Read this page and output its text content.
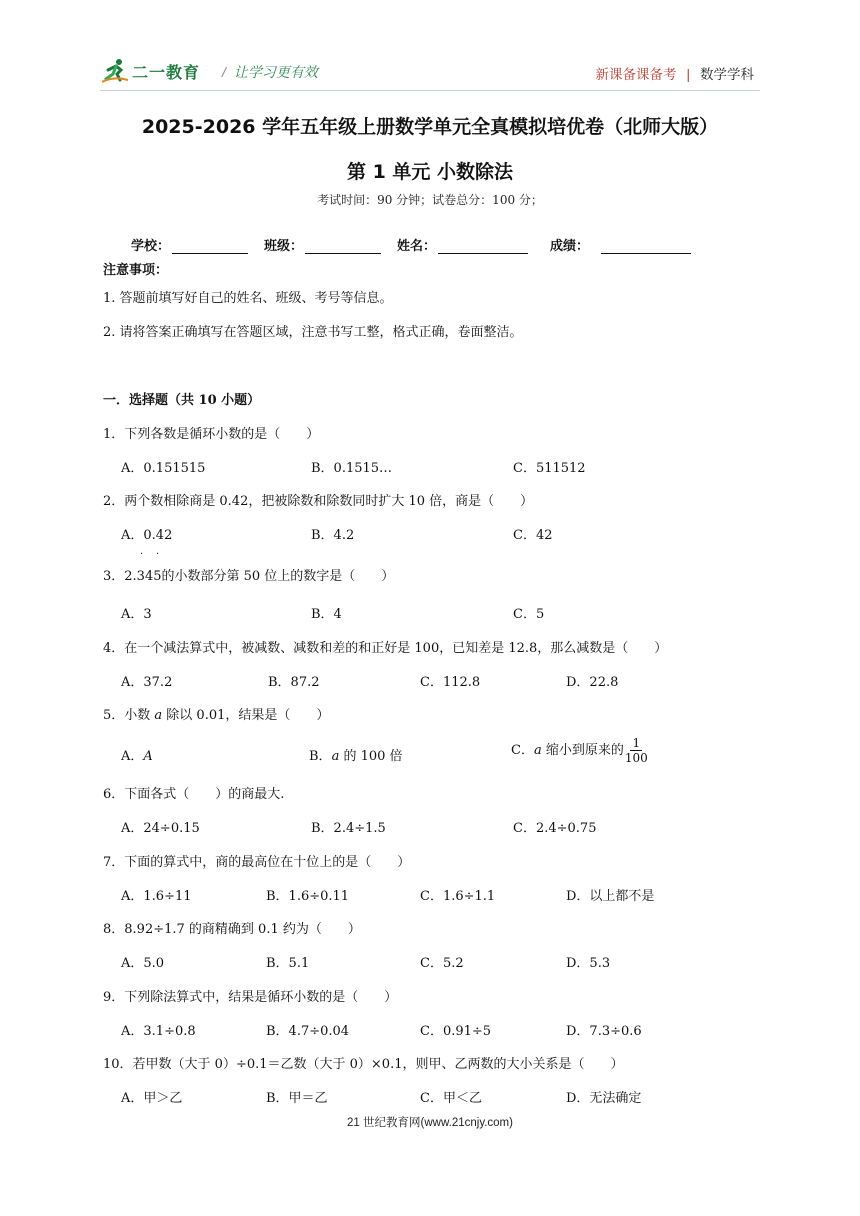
二一教育 / 让学习更有效	新课备课备考 | 数学学科
2025-2026 学年五年级上册数学单元全真模拟培优卷（北师大版）
第 1 单元 小数除法
考试时间：90 分钟；试卷总分：100 分；
学校：	班级：	姓名：	成绩：
注意事项：
1. 答题前填写好自己的姓名、班级、考号等信息。
2. 请将答案正确填写在答题区域，注意书写工整，格式正确，卷面整洁。
一．选择题（共 10 小题）
1．下列各数是循环小数的是（　　）
A．0.151515	B．0.1515…	C．511512
2．两个数相除商是 0.42，把被除数和除数同时扩大 10 倍，商是（　　）
A．0.42	B．4.2	C．42
· ·
3．2.345的小数部分第 50 位上的数字是（　　）
A．3	B．4	C．5
4．在一个减法算式中，被减数、减数和差的和正好是 100，已知差是 12.8，那么减数是（　　）
A．37.2	B．87.2	C．112.8	D．22.8
5．小数 a 除以 0.01，结果是（　　）
A．A	B．a 的 100 倍	C．a 缩小到原来的 $\frac{1}{100}$
6．下面各式（　　）的商最大.
A．24÷0.15	B．2.4÷1.5	C．2.4÷0.75
7．下面的算式中，商的最高位在十位上的是（　　）
A．1.6÷11	B．1.6÷0.11	C．1.6÷1.1	D．以上都不是
8．8.92÷1.7 的商精确到 0.1 约为（　　）
A．5.0	B．5.1	C．5.2	D．5.3
9．下列除法算式中，结果是循环小数的是（　　）
A．3.1÷0.8	B．4.7÷0.04	C．0.91÷5	D．7.3÷0.6
10．若甲数（大于 0）÷0.1＝乙数（大于 0）×0.1，则甲、乙两数的大小关系是（　　）
A．甲＞乙	B．甲＝乙	C．甲＜乙	D．无法确定
21 世纪教育网(www.21cnjy.com)
